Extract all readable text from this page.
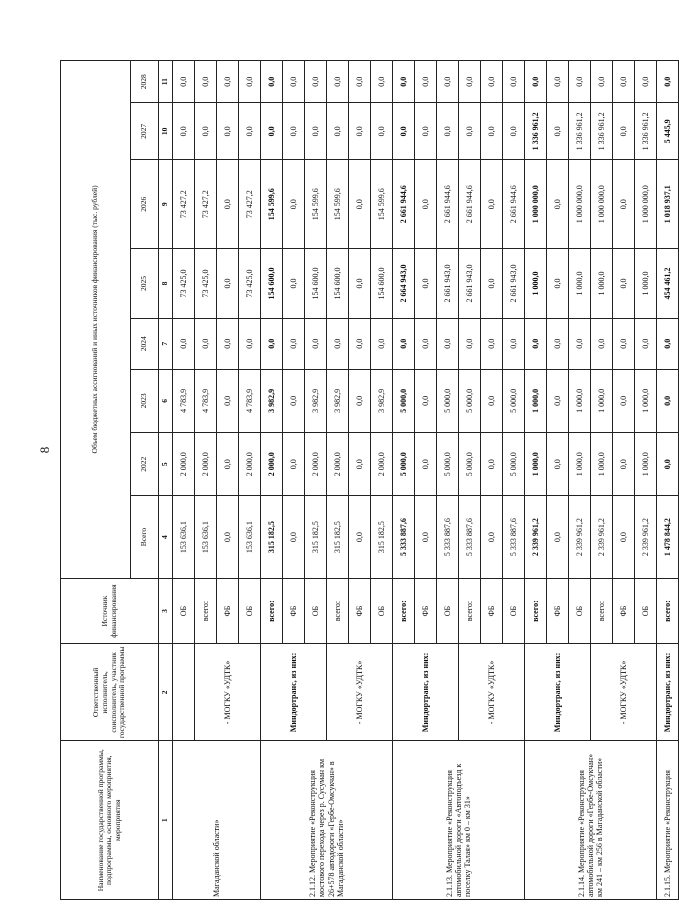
8
Наименование государственной программы, подпрограммы, основного мероприятия, мероприятия	Ответственный исполнитель, соисполнитель, участник государственной программы	Источник финансирования	Объем бюджетных ассигнований и иных источников финансирования (тыс. рублей)							
			Всего	2022	2023	2024	2025	2026	2027	2028
1	2	3	4	5	6	7	8	9	10	11
Магаданской области»		ОБ	153 636,1	2 000,0	4 783,9	0,0	73 425,0	73 427,2	0,0	0,0
	- МОГКУ «УДТК»	всего:	153 636,1	2 000,0	4 783,9	0,0	73 425,0	73 427,2	0,0	0,0
		ФБ	0,0	0,0	0,0	0,0	0,0	0,0	0,0	0,0
		ОБ	153 636,1	2 000,0	4 783,9	0,0	73 425,0	73 427,2	0,0	0,0
2.1.12. Мероприятие «Реконструкция мостового перехода через р. Сусуман км 26+578 автодороги «Гербе-Омсукчан» в Магаданской области»	Миндортранс, из них:	всего:	315 182,5	2 000,0	3 982,9	0,0	154 600,0	154 599,6	0,0	0,0
		ФБ	0,0	0,0	0,0	0,0	0,0	0,0	0,0	0,0
		ОБ	315 182,5	2 000,0	3 982,9	0,0	154 600,0	154 599,6	0,0	0,0
	- МОГКУ «УДТК»	всего:	315 182,5	2 000,0	3 982,9	0,0	154 600,0	154 599,6	0,0	0,0
		ФБ	0,0	0,0	0,0	0,0	0,0	0,0	0,0	0,0
		ОБ	315 182,5	2 000,0	3 982,9	0,0	154 600,0	154 599,6	0,0	0,0
2.1.13. Мероприятие «Реконструкция автомобильной дороги «Автоподъезд к поселку Талая» км 0 – км 31»	Миндортранс, из них:	всего:	5 333 887,6	5 000,0	5 000,0	0,0	2 664 943,0	2 661 944,6	0,0	0,0
		ФБ	0,0	0,0	0,0	0,0	0,0	0,0	0,0	0,0
		ОБ	5 333 887,6	5 000,0	5 000,0	0,0	2 661 943,0	2 661 944,6	0,0	0,0
	- МОГКУ «УДТК»	всего:	5 333 887,6	5 000,0	5 000,0	0,0	2 661 943,0	2 661 944,6	0,0	0,0
		ФБ	0,0	0,0	0,0	0,0	0,0	0,0	0,0	0,0
		ОБ	5 333 887,6	5 000,0	5 000,0	0,0	2 661 943,0	2 661 944,6	0,0	0,0
2.1.14. Мероприятие «Реконструкция автомобильной дороги «Гербе-Омсукчан» км 241 – км 256 в Магаданской области»	Миндортранс, из них:	всего:	2 339 961,2	1 000,0	1 000,0	0,0	1 000,0	1 000 000,0	1 336 961,2	0,0
		ФБ	0,0	0,0	0,0	0,0	0,0	0,0	0,0	0,0
		ОБ	2 339 961,2	1 000,0	1 000,0	0,0	1 000,0	1 000 000,0	1 336 961,2	0,0
	- МОГКУ «УДТК»	всего:	2 339 961,2	1 000,0	1 000,0	0,0	1 000,0	1 000 000,0	1 336 961,2	0,0
		ФБ	0,0	0,0	0,0	0,0	0,0	0,0	0,0	0,0
		ОБ	2 339 961,2	1 000,0	1 000,0	0,0	1 000,0	1 000 000,0	1 336 961,2	0,0
2.1.15. Мероприятие «Реконструкция	Миндортранс, из них:	всего:	1 478 844,2	0,0	0,0	0,0	454 461,2	1 018 937,1	5 445,9	0,0
